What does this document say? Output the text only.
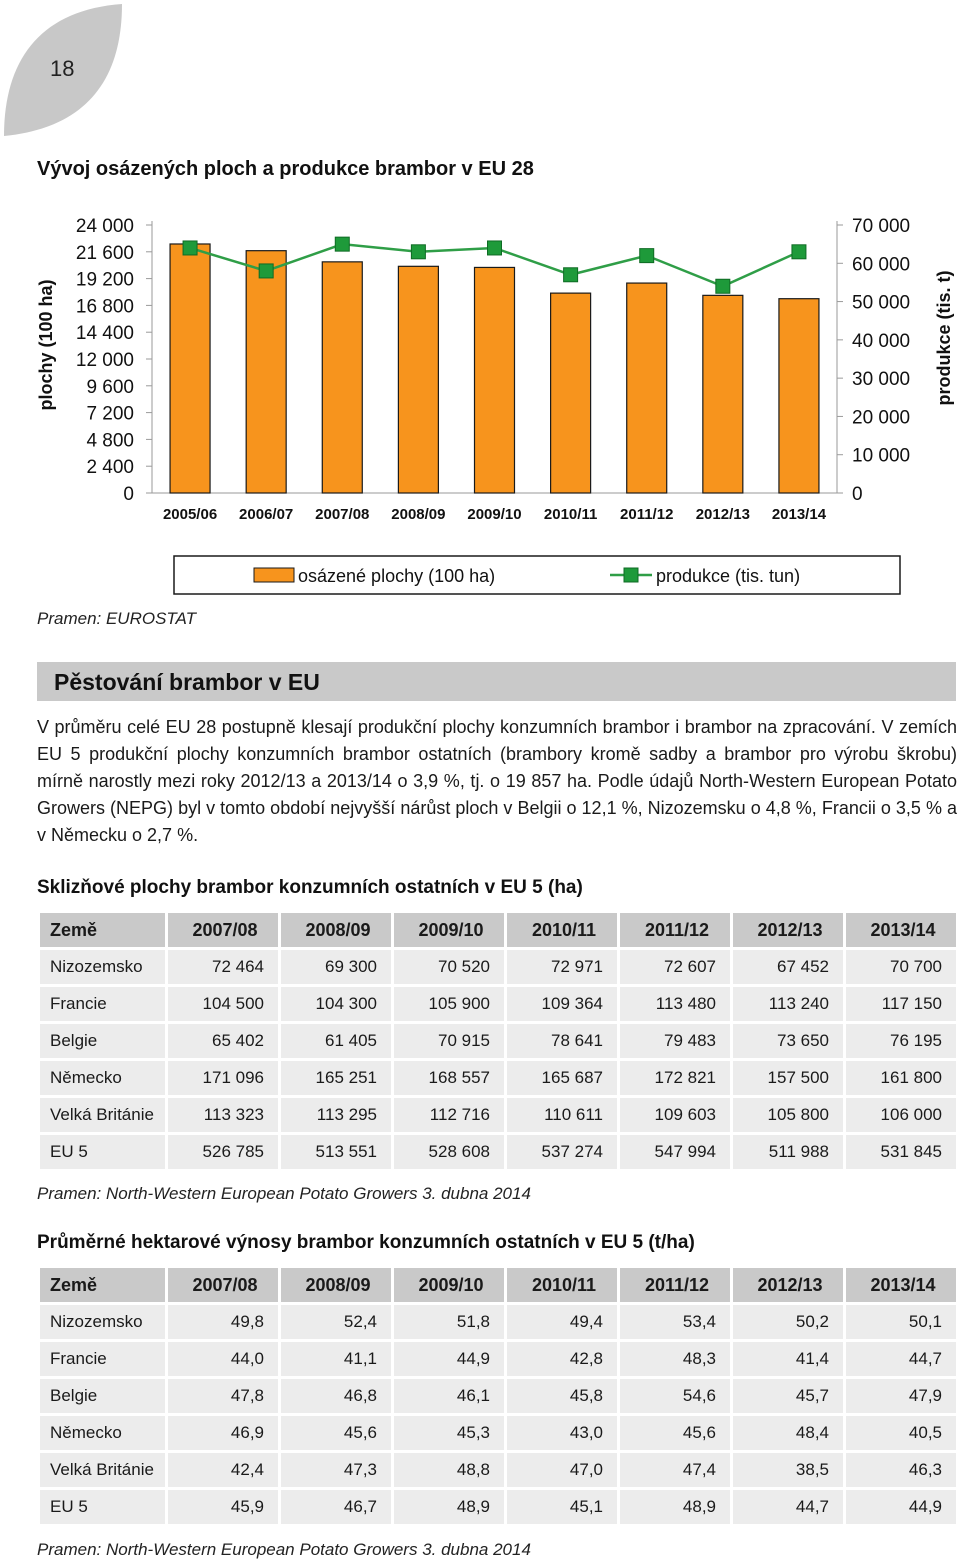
18
Vývoj osázených ploch a produkce brambor v EU 28
24 000
21 600
19 200
16 800
14 400
12 000
9 600
7 200
4 800
2 400
0
70 000
60 000
50 000
40 000
30 000
20 000
10 000
0
plochy (100 ha)	produkce (tis. t)
2005/06 2006/07 2007/08 2008/09 2009/10 2010/11 2011/12 2012/13 2013/14
osázené plochy (100 ha)	produkce (tis. tun)
Pramen: EUROSTAT
Pěstování brambor v EU
V průměru celé EU 28 postupně klesají produkční plochy konzumních brambor i brambor na zpracování. V zemích EU 5 produkční plochy konzumních brambor ostatních (brambory kromě sadby a brambor pro výrobu škrobu) mírně narostly mezi roky 2012/13 a 2013/14 o 3,9 %, tj. o 19 857 ha. Podle údajů North-Western European Potato Growers (NEPG) byl v tomto období nejvyšší nárůst ploch v Belgii o 12,1 %, Nizozemsku o 4,8 %, Francii o 3,5 % a v Německu o 2,7 %.
Sklizňové plochy brambor konzumních ostatních v EU 5 (ha)
Země	2007/08	2008/09	2009/10	2010/11	2011/12	2012/13	2013/14
Nizozemsko	72 464	69 300	70 520	72 971	72 607	67 452	70 700
Francie	104 500	104 300	105 900	109 364	113 480	113 240	117 150
Belgie	65 402	61 405	70 915	78 641	79 483	73 650	76 195
Německo	171 096	165 251	168 557	165 687	172 821	157 500	161 800
Velká Británie	113 323	113 295	112 716	110 611	109 603	105 800	106 000
EU 5	526 785	513 551	528 608	537 274	547 994	511 988	531 845
Pramen: North-Western European Potato Growers 3. dubna 2014
Průměrné hektarové výnosy brambor konzumních ostatních v EU 5 (t/ha)
Země	2007/08	2008/09	2009/10	2010/11	2011/12	2012/13	2013/14
Nizozemsko	49,8	52,4	51,8	49,4	53,4	50,2	50,1
Francie	44,0	41,1	44,9	42,8	48,3	41,4	44,7
Belgie	47,8	46,8	46,1	45,8	54,6	45,7	47,9
Německo	46,9	45,6	45,3	43,0	45,6	48,4	40,5
Velká Británie	42,4	47,3	48,8	47,0	47,4	38,5	46,3
EU 5	45,9	46,7	48,9	45,1	48,9	44,7	44,9
Pramen: North-Western European Potato Growers 3. dubna 2014
